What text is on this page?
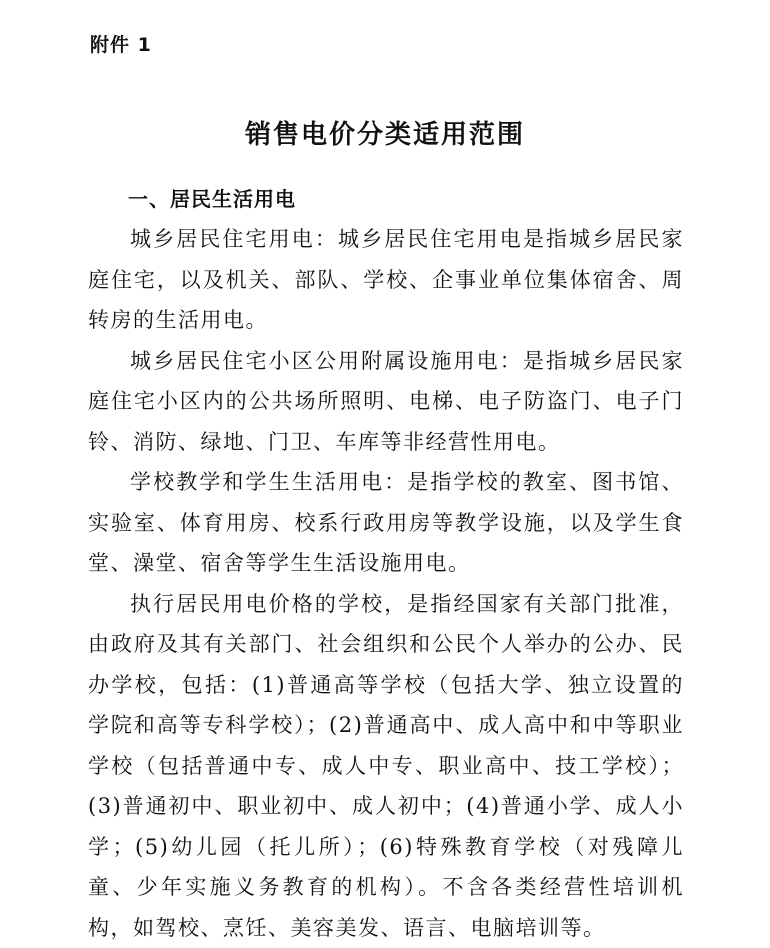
附件 1
销售电价分类适用范围
一、居民生活用电

城乡居民住宅用电：城乡居民住宅用电是指城乡居民家庭住宅，以及机关、部队、学校、企事业单位集体宿舍、周转房的生活用电。

城乡居民住宅小区公用附属设施用电：是指城乡居民家庭住宅小区内的公共场所照明、电梯、电子防盗门、电子门铃、消防、绿地、门卫、车库等非经营性用电。

学校教学和学生生活用电：是指学校的教室、图书馆、实验室、体育用房、校系行政用房等教学设施，以及学生食堂、澡堂、宿舍等学生生活设施用电。

执行居民用电价格的学校，是指经国家有关部门批准，由政府及其有关部门、社会组织和公民个人举办的公办、民办学校，包括：(1)普通高等学校（包括大学、独立设置的学院和高等专科学校）；(2)普通高中、成人高中和中等职业学校（包括普通中专、成人中专、职业高中、技工学校）；(3)普通初中、职业初中、成人初中；(4)普通小学、成人小学；(5)幼儿园（托儿所）；(6)特殊教育学校（对残障儿童、少年实施义务教育的机构）。不含各类经营性培训机构，如驾校、烹饪、美容美发、语言、电脑培训等。
